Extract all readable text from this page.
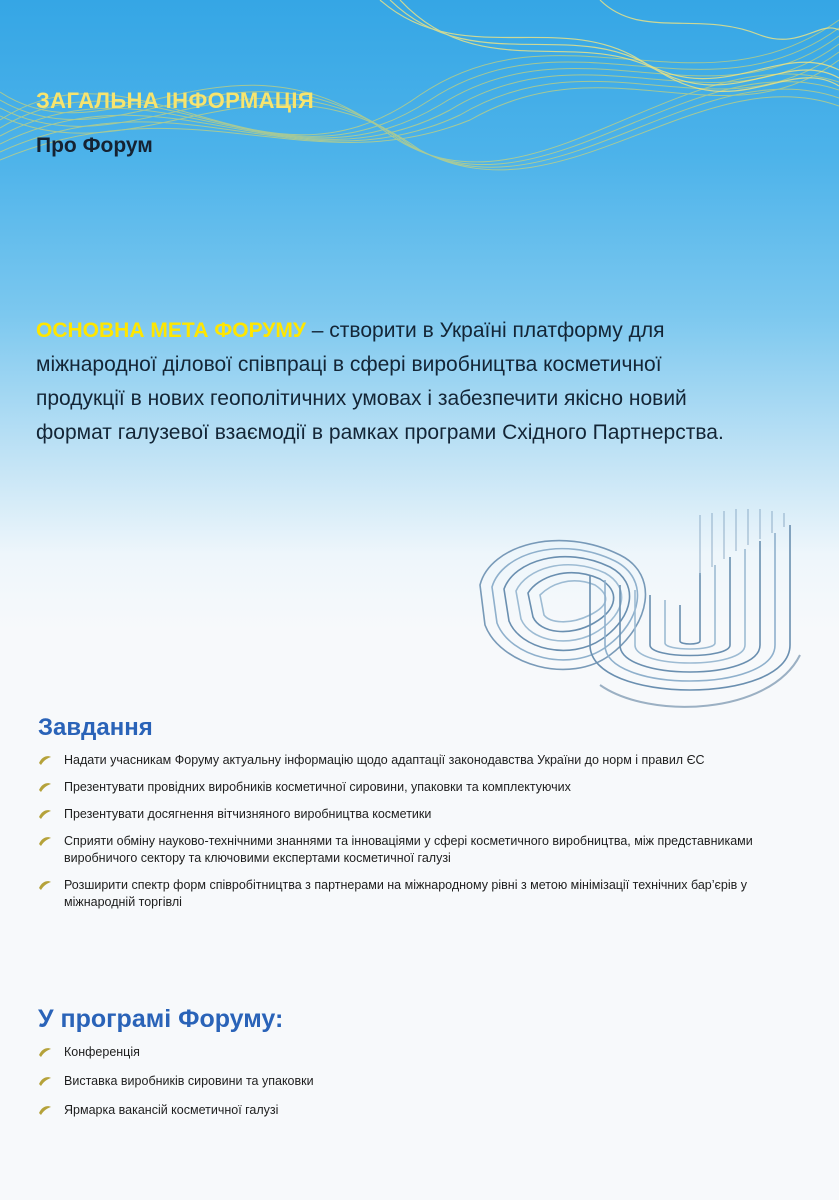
ЗАГАЛЬНА ІНФОРМАЦІЯ
Про Форум
ОСНОВНА МЕТА ФОРУМУ – створити в Україні платформу для міжнародної ділової співпраці в сфері виробництва косметичної продукції в нових геополітичних умовах і забезпечити якісно новий формат галузевої взаємодії в рамках програми Східного Партнерства.
Завдання
Надати учасникам Форуму актуальну інформацію щодо адаптації законодавства України до норм і правил ЄС
Презентувати провідних виробників косметичної сировини, упаковки та комплектуючих
Презентувати досягнення вітчизняного виробництва косметики
Сприяти обміну науково-технічними знаннями та інноваціями у сфері косметичного виробництва, між представниками виробничого сектору та ключовими експертами косметичної галузі
Розширити спектр форм співробітництва з партнерами на міжнародному рівні з метою мінімізації технічних бар’єрів у міжнародній торгівлі
У програмі Форуму:
Конференція
Виставка виробників сировини та упаковки
Ярмарка вакансій косметичної галузі
